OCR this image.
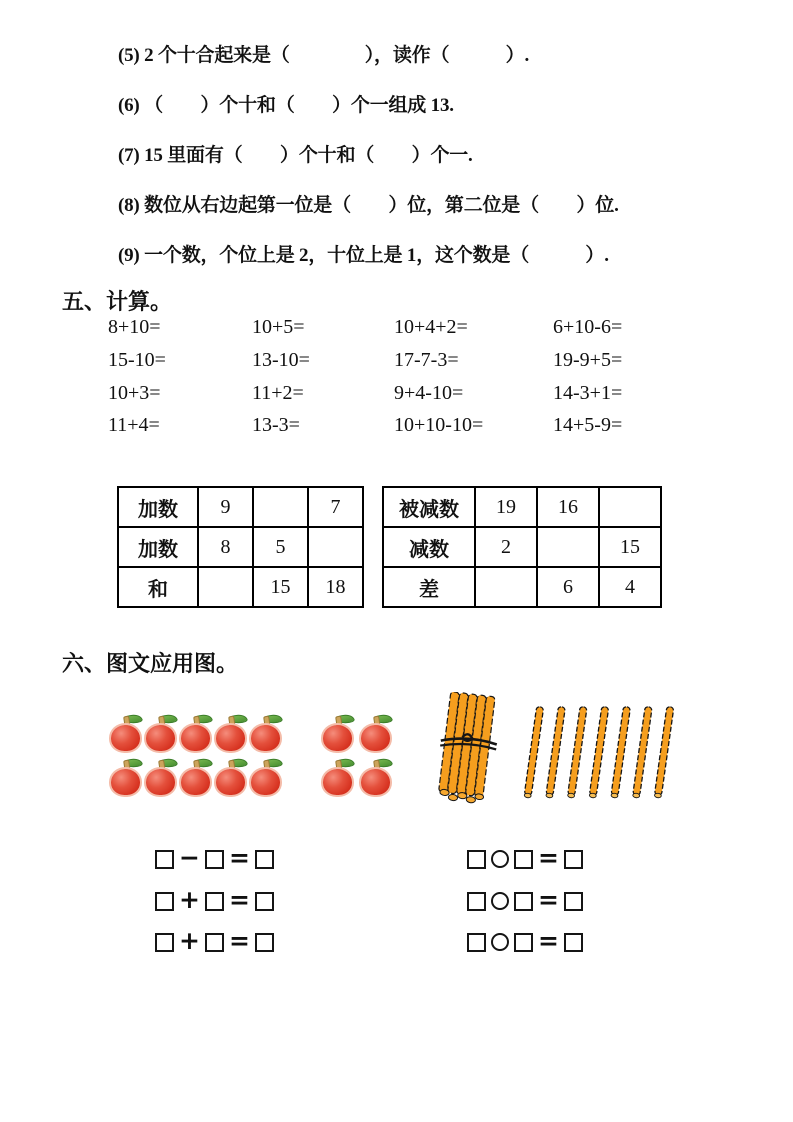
(5) 2 个十合起来是（　　　　），读作（　　　）.
(6) （　　）个十和（　　）个一组成 13.
(7) 15 里面有（　　）个十和（　　）个一.
(8) 数位从右边起第一位是（　　）位，第二位是（　　）位.
(9) 一个数，个位上是 2，十位上是 1，这个数是（　　　）.
五、计算。
8+10=	10+5=	10+4+2=	6+10-6=
15-10=	13-10=	17-7-3=	19-9+5=
10+3=	11+2=	9+4-10=	14-3+1=
11+4=	13-3=	10+10-10=	14+5-9=
加数	9		7
加数	8	5	
和		15	18
被减数	19	16	
减数	2		15
差		6	4
六、图文应用图。
− =
+ =
+ =
=
=
=
